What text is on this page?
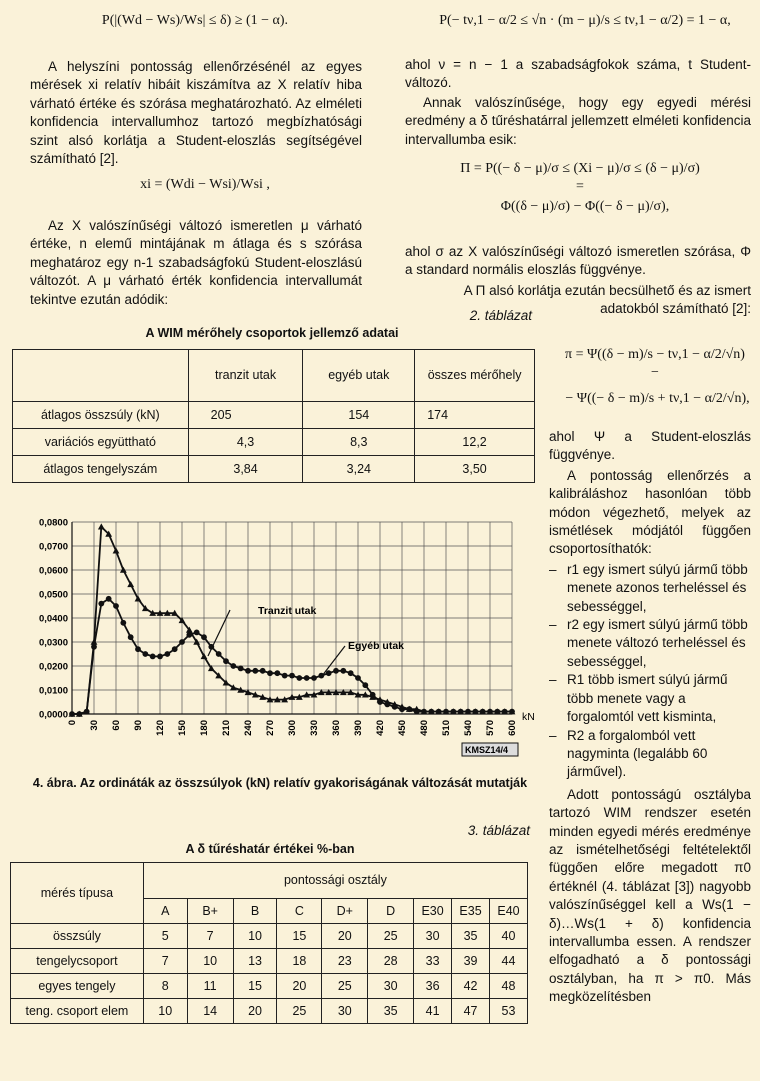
P(|(Wd − Ws)/Ws| ≤ δ) ≥ (1 − α).

A helyszíni pontosság ellenőrzésénél az egyes mérések xi relatív hibáit kiszámítva az X relatív hiba várható értéke és szórása meghatározható. Az elméleti konfidencia intervallumhoz tartozó megbízhatósági szint alsó korlátja a Student-eloszlás segítségével számítható [2].

xi = (Wdi − Wsi)/Wsi ,

Az X valószínűségi változó ismeretlen μ várható értéke, n elemű mintájának m átlaga és s szórása meghatároz egy n-1 szabadságfokú Student-eloszlású változót. A μ várható érték konfidencia intervallumát tekintve ezután adódik:

P(− tν,1 − α/2 ≤ √n · (m − μ)/s ≤ tν,1 − α/2) = 1 − α,

ahol ν = n − 1 a szabadságfokok száma, t Student-változó.

Annak valószínűsége, hogy egy egyedi mérési eredmény a δ tűréshatárral jellemzett elméleti konfidencia intervallumba esik:

Π = P((− δ − μ)/σ ≤ (Xi − μ)/σ ≤ (δ − μ)/σ) =
Φ((δ − μ)/σ) − Φ((− δ − μ)/σ),

ahol σ az X valószínűségi változó ismeretlen szórása, Φ a standard normális eloszlás függvénye.

A Π alsó korlátja ezután becsülhető és az ismert
adatokból számítható [2]:
2. táblázat
A WIM mérőhely csoportok jellemző adatai
	tranzit utak	egyéb utak	összes mérőhely
átlagos összsúly (kN)	205	154	174
variációs együttható	4,3	8,3	12,2
átlagos tengelyszám	3,84	3,24	3,50
π = Ψ((δ − m)/s − tν,1 − α/2/√n) −
− Ψ((− δ − m)/s + tν,1 − α/2/√n),

ahol Ψ a Student-eloszlás függvénye.

A pontosság ellenőrzés a kalibráláshoz hasonlóan több módon végezhető, melyek az ismétlések módjától függően csoportosíthatók:

– r1 egy ismert súlyú jármű több menete azonos terheléssel és sebességgel,
– r2 egy ismert súlyú jármű több menete változó terheléssel és sebességgel,
– R1 több ismert súlyú jármű több menete vagy a forgalomtól vett kisminta,
– R2 a forgalomból vett nagyminta (legalább 60 járművel).

Adott pontosságú osztályba tartozó WIM rendszer esetén minden egyedi mérés eredménye az ismételhetőségi feltételektől függően előre megadott π0 értéknél (4. táblázat [3]) nagyobb valószínűséggel kell a Ws(1 − δ)…Ws(1 + δ) konfidencia intervallumba essen. A rendszer elfogadható a δ pontossági osztályban, ha π > π0. Más megközelítésben

0,0000
0,0100
0,0200
0,0300
0,0400
0,0500
0,0600
0,0700
0,0800
0 30 60 90 120 150 180 210 240 270 300 330 360 390 420 450 480 510 540 570 600
Tranzit utak
Egyéb utak
kN
KMSZ14/4
4. ábra. Az ordináták az összsúlyok (kN) relatív gyakoriságának változását mutatják
3. táblázat
A δ tűréshatár értékei %-ban
mérés típusa	pontossági osztály								
	A	B+	B	C	D+	D	E30	E35	E40
összsúly	5	7	10	15	20	25	30	35	40
tengelycsoport	7	10	13	18	23	28	33	39	44
egyes tengely	8	11	15	20	25	30	36	42	48
teng. csoport elem	10	14	20	25	30	35	41	47	53
